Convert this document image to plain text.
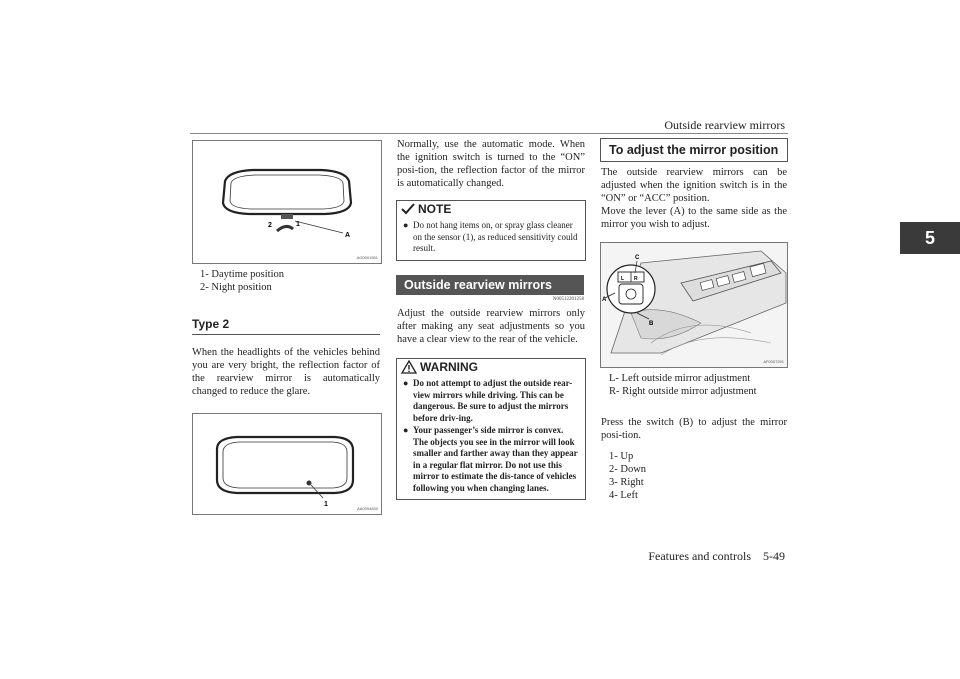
Outside rearview mirrors
5
2	1
A
AG0001551
1- Daytime position
2- Night position
Type 2
When the headlights of the vehicles behind you are very bright, the reflection factor of the rearview mirror is automatically changed to reduce the glare.
1
AA0094830
Normally, use the automatic mode. When the ignition switch is turned to the “ON” posi-tion, the reflection factor of the mirror is automatically changed.
NOTE
● Do not hang items on, or spray glass cleaner on the sensor (1), as reduced sensitivity could result.
Outside rearview mirrors
N00512201258
Adjust the outside rearview mirrors only after making any seat adjustments so you have a clear view to the rear of the vehicle.
WARNING
● Do not attempt to adjust the outside rear-view mirrors while driving. This can be dangerous. Be sure to adjust the mirrors before driv-ing.
● Your passenger’s side mirror is convex. The objects you see in the mirror will look smaller and farther away than they appear in a regular flat mirror. Do not use this mirror to estimate the dis-tance of vehicles following you when changing lanes.
To adjust the mirror position
The outside rearview mirrors can be adjusted when the ignition switch is in the “ON” or “ACC” position.
Move the lever (A) to the same side as the mirror you wish to adjust.
A
B
C
L R
AF0007291
L- Left outside mirror adjustment
R- Right outside mirror adjustment
Press the switch (B) to adjust the mirror posi-tion.
1- Up
2- Down
3- Right
4- Left
Features and controls    5-49
